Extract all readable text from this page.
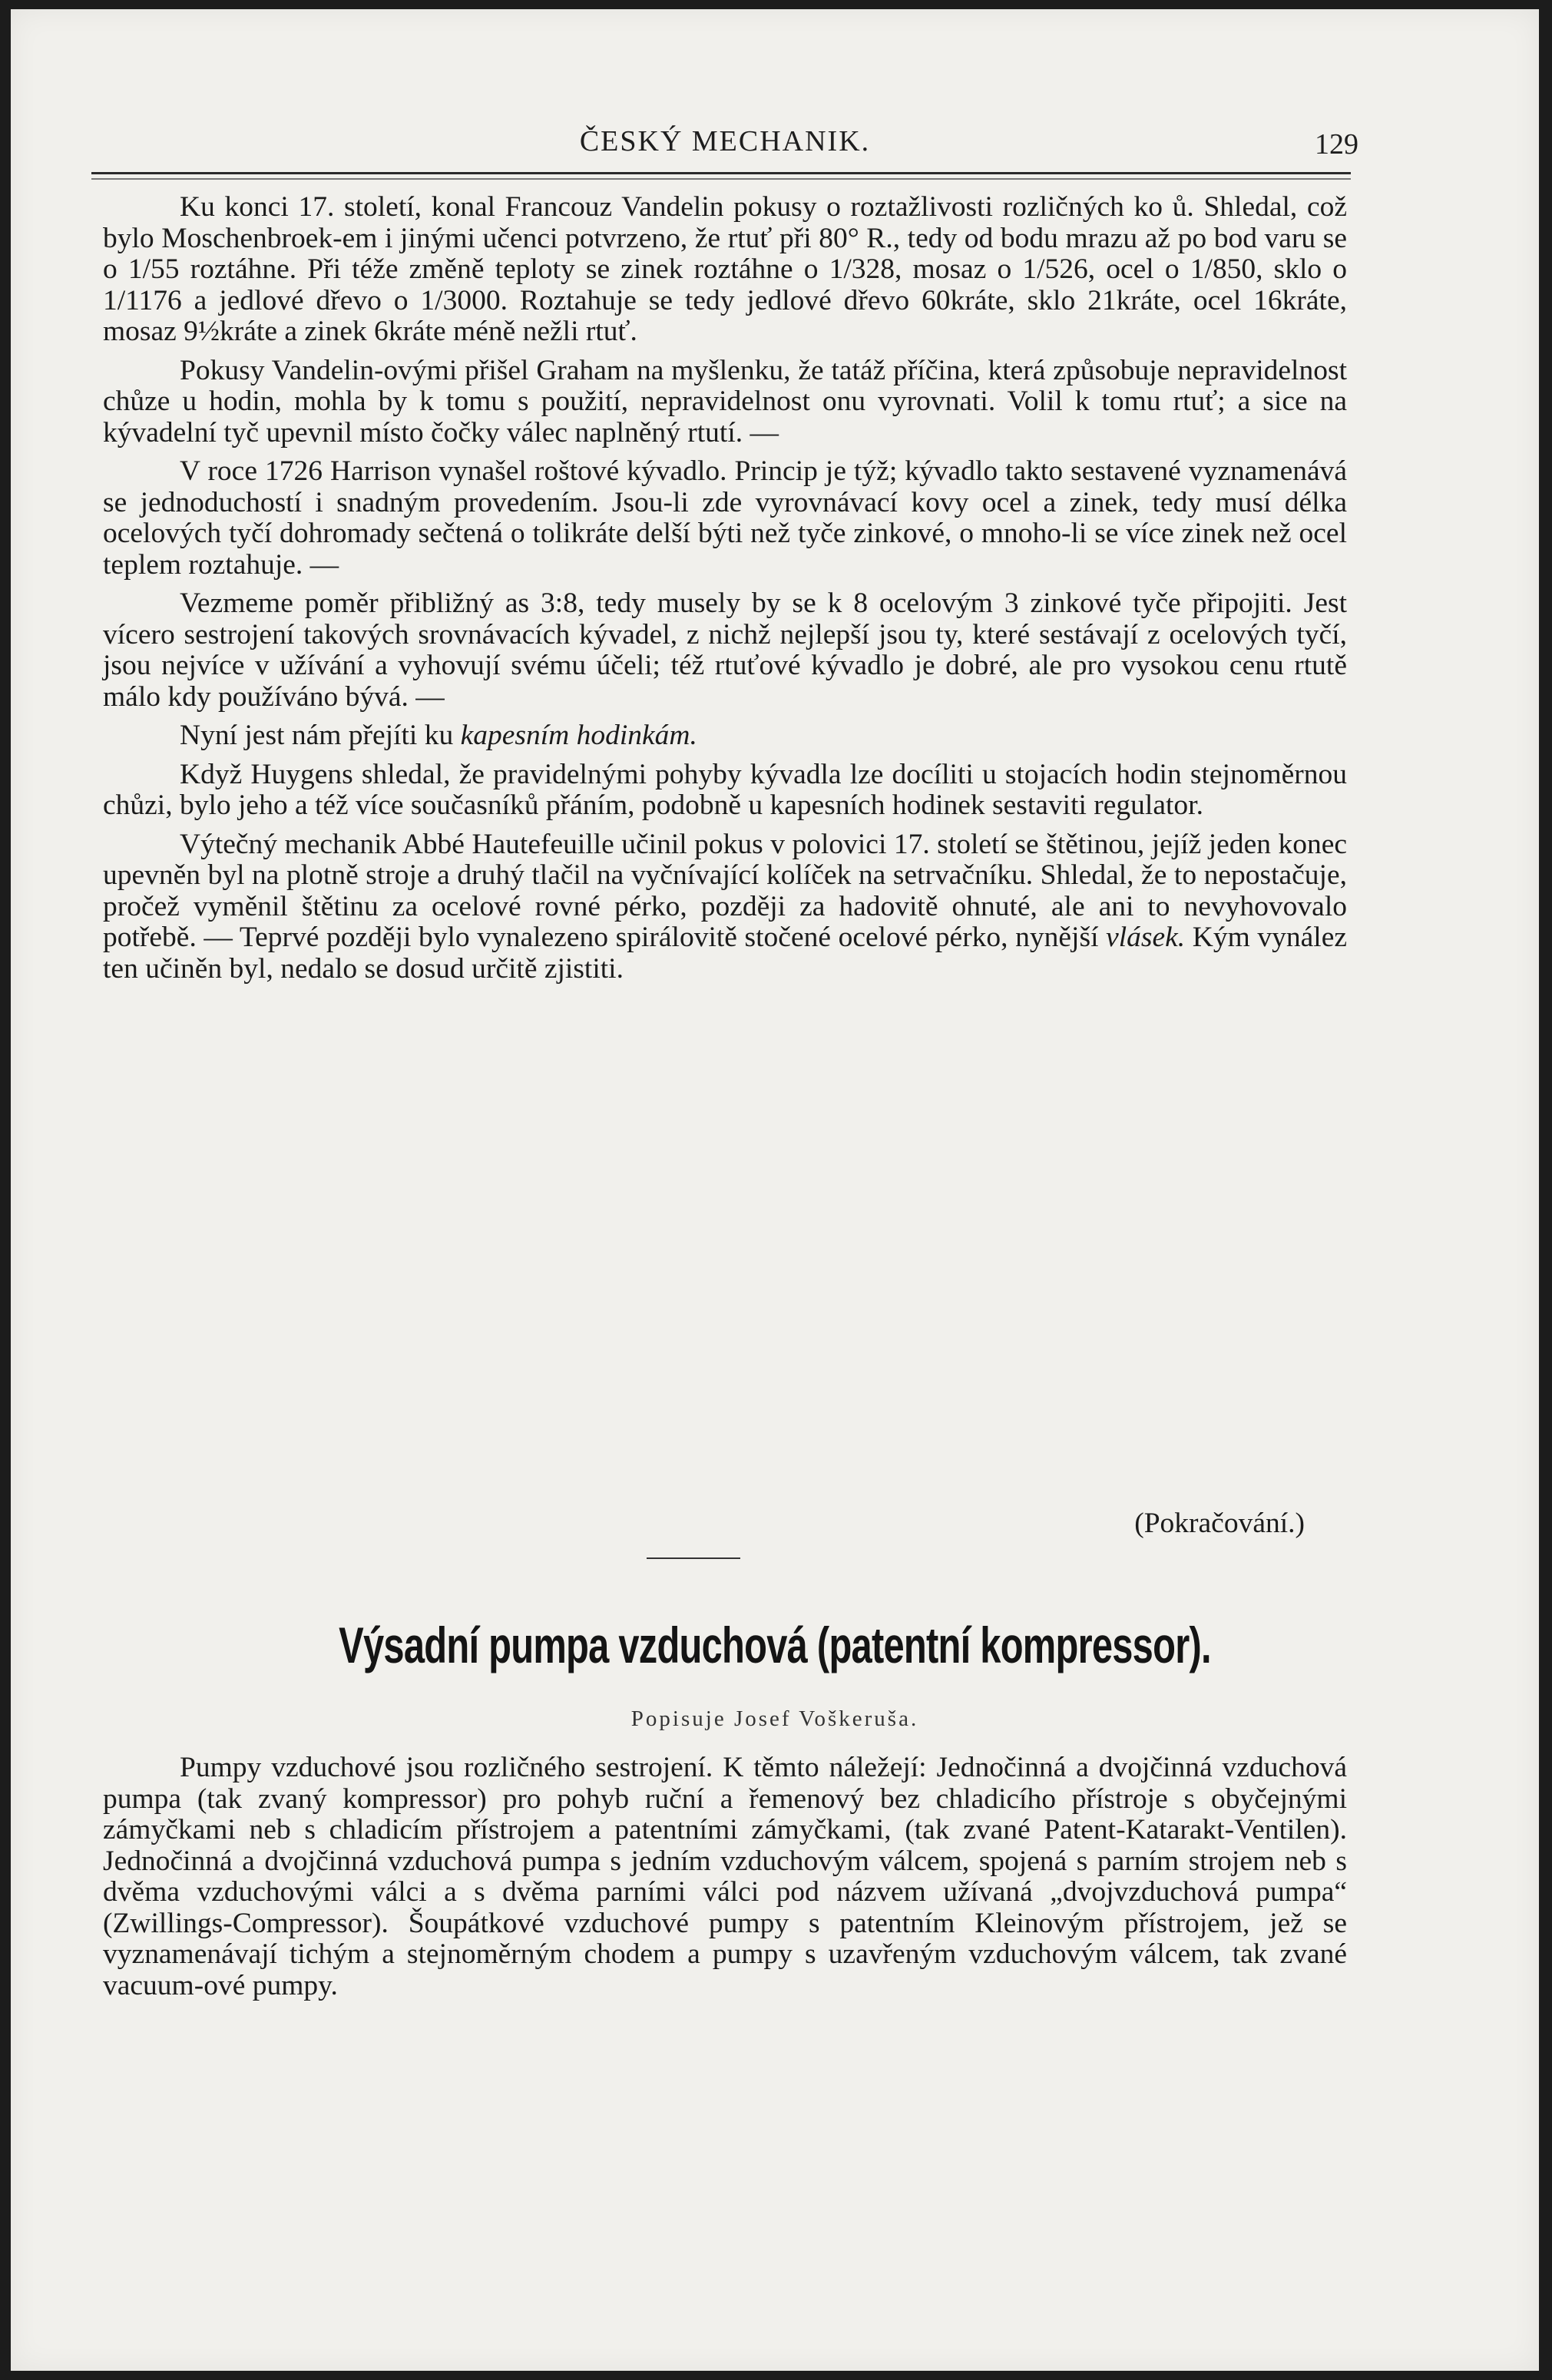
ČESKÝ MECHANIK.	129

Ku konci 17. století, konal Francouz Vandelin pokusy o roztažlivosti rozličných ko ů. Shledal, což bylo Moschenbroek-em i jinými učenci potvrzeno, že rtuť při 80° R., tedy od bodu mrazu až po bod varu se o 1/55 roztáhne. Při téže změně teploty se zinek roztáhne o 1/328, mosaz o 1/526, ocel o 1/850, sklo o 1/1176 a jedlové dřevo o 1/3000. Roztahuje se tedy jedlové dřevo 60kráte, sklo 21kráte, ocel 16kráte, mosaz 9½kráte a zinek 6kráte méně nežli rtuť.

Pokusy Vandelin-ovými přišel Graham na myšlenku, že tatáž příčina, která způsobuje nepravidelnost chůze u hodin, mohla by k tomu s použití, nepravidelnost onu vyrovnati. Volil k tomu rtuť; a sice na kývadelní tyč upevnil místo čočky válec naplněný rtutí. —

V roce 1726 Harrison vynašel roštové kývadlo. Princip je týž; kývadlo takto sestavené vyznamenává se jednoduchostí i snadným provedením. Jsou-li zde vyrovnávací kovy ocel a zinek, tedy musí délka ocelových tyčí dohromady sečtená o tolikráte delší býti než tyče zinkové, o mnoho-li se více zinek než ocel teplem roztahuje. —

Vezmeme poměr přibližný as 3:8, tedy musely by se k 8 ocelovým 3 zinkové tyče připojiti. Jest vícero sestrojení takových srovnávacích kývadel, z nichž nejlepší jsou ty, které sestávají z ocelových tyčí, jsou nejvíce v užívání a vyhovují svému účeli; též rtuťové kývadlo je dobré, ale pro vysokou cenu rtutě málo kdy používáno bývá. —

Nyní jest nám přejíti ku kapesním hodinkám.

Když Huygens shledal, že pravidelnými pohyby kývadla lze docíliti u stojacích hodin stejnoměrnou chůzi, bylo jeho a též více současníků přáním, podobně u kapesních hodinek sestaviti regulator.

Výtečný mechanik Abbé Hautefeuille učinil pokus v polovici 17. století se štětinou, jejíž jeden konec upevněn byl na plotně stroje a druhý tlačil na vyčnívající kolíček na setrvačníku. Shledal, že to nepostačuje, pročež vyměnil štětinu za ocelové rovné pérko, později za hadovitě ohnuté, ale ani to nevyhovovalo potřebě. — Teprvé později bylo vynalezeno spirálovitě stočené ocelové pérko, nynější vlásek. Kým vynález ten učiněn byl, nedalo se dosud určitě zjistiti.

(Pokračování.)
Výsadní pumpa vzduchová (patentní kompressor).
Popisuje Josef Voškeruša.

Pumpy vzduchové jsou rozličného sestrojení. K těmto náležejí: Jednočinná a dvojčinná vzduchová pumpa (tak zvaný kompressor) pro pohyb ruční a řemenový bez chladicího přístroje s obyčejnými zámyčkami neb s chladicím přístrojem a patentními zámyčkami, (tak zvané Patent-Katarakt-Ventilen). Jednočinná a dvojčinná vzduchová pumpa s jedním vzduchovým válcem, spojená s parním strojem neb s dvěma vzduchovými válci a s dvěma parními válci pod názvem užívaná „dvojvzduchová pumpa“ (Zwillings-Compressor). Šoupátkové vzduchové pumpy s patentním Kleinovým přístrojem, jež se vyznamenávají tichým a stejnoměrným chodem a pumpy s uzavřeným vzduchovým válcem, tak zvané vacuum-ové pumpy.
